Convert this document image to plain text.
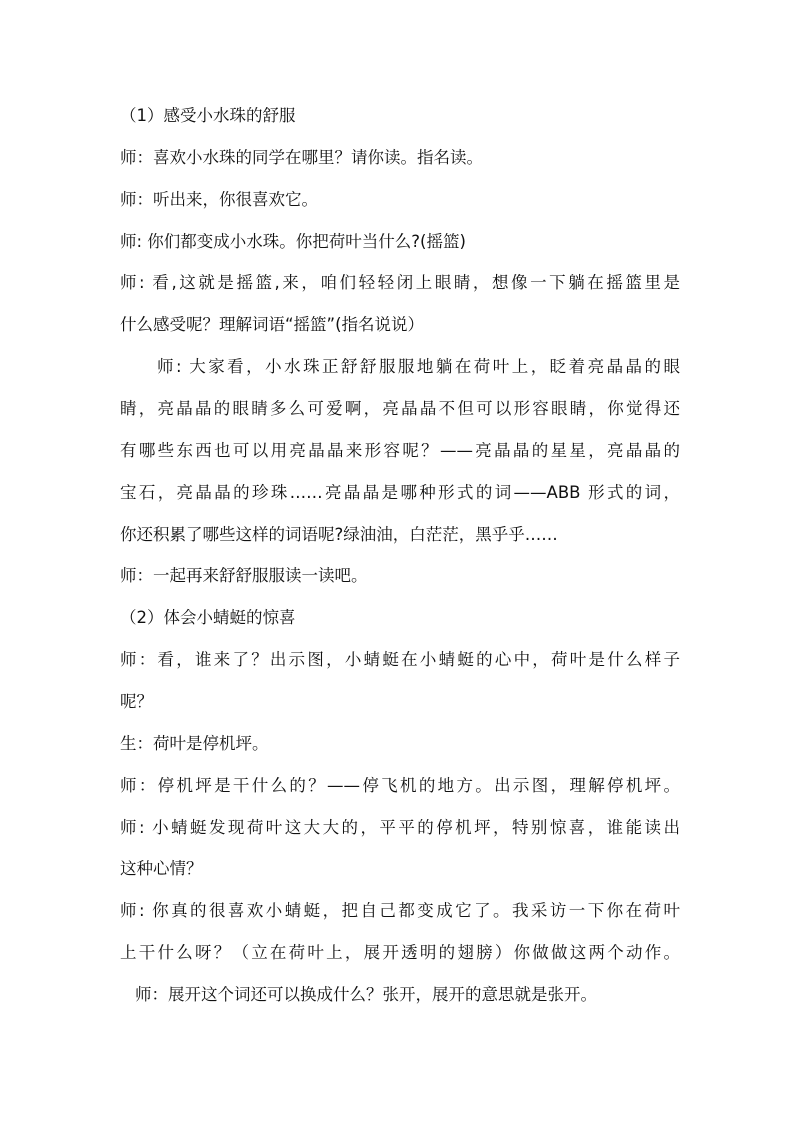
（1）感受小水珠的舒服
师：喜欢小水珠的同学在哪里？请你读。指名读。
师：听出来，你很喜欢它。
师: 你们都变成小水珠。你把荷叶当什么?(摇篮)
师: 看,这就是摇篮,来，咱们轻轻闭上眼睛，想像一下躺在摇篮里是
什么感受呢？理解词语“摇篮”(指名说说）
师: 大家看，小水珠正舒舒服服地躺在荷叶上，眨着亮晶晶的眼
睛，亮晶晶的眼睛多么可爱啊，亮晶晶不但可以形容眼睛，你觉得还
有哪些东西也可以用亮晶晶来形容呢？——亮晶晶的星星，亮晶晶的
宝石，亮晶晶的珍珠……亮晶晶是哪种形式的词——ABB 形式的词，
你还积累了哪些这样的词语呢?绿油油，白茫茫，黑乎乎……
师：一起再来舒舒服服读一读吧。
（2）体会小蜻蜓的惊喜
师：看，谁来了？出示图，小蜻蜓在小蜻蜓的心中，荷叶是什么样子
呢？
生：荷叶是停机坪。
师：停机坪是干什么的？——停飞机的地方。出示图，理解停机坪。
师: 小蜻蜓发现荷叶这大大的，平平的停机坪，特别惊喜，谁能读出
这种心情？
师: 你真的很喜欢小蜻蜓，把自己都变成它了。我采访一下你在荷叶
上干什么呀？（立在荷叶上，展开透明的翅膀）你做做这两个动作。
师：展开这个词还可以换成什么？张开，展开的意思就是张开。
